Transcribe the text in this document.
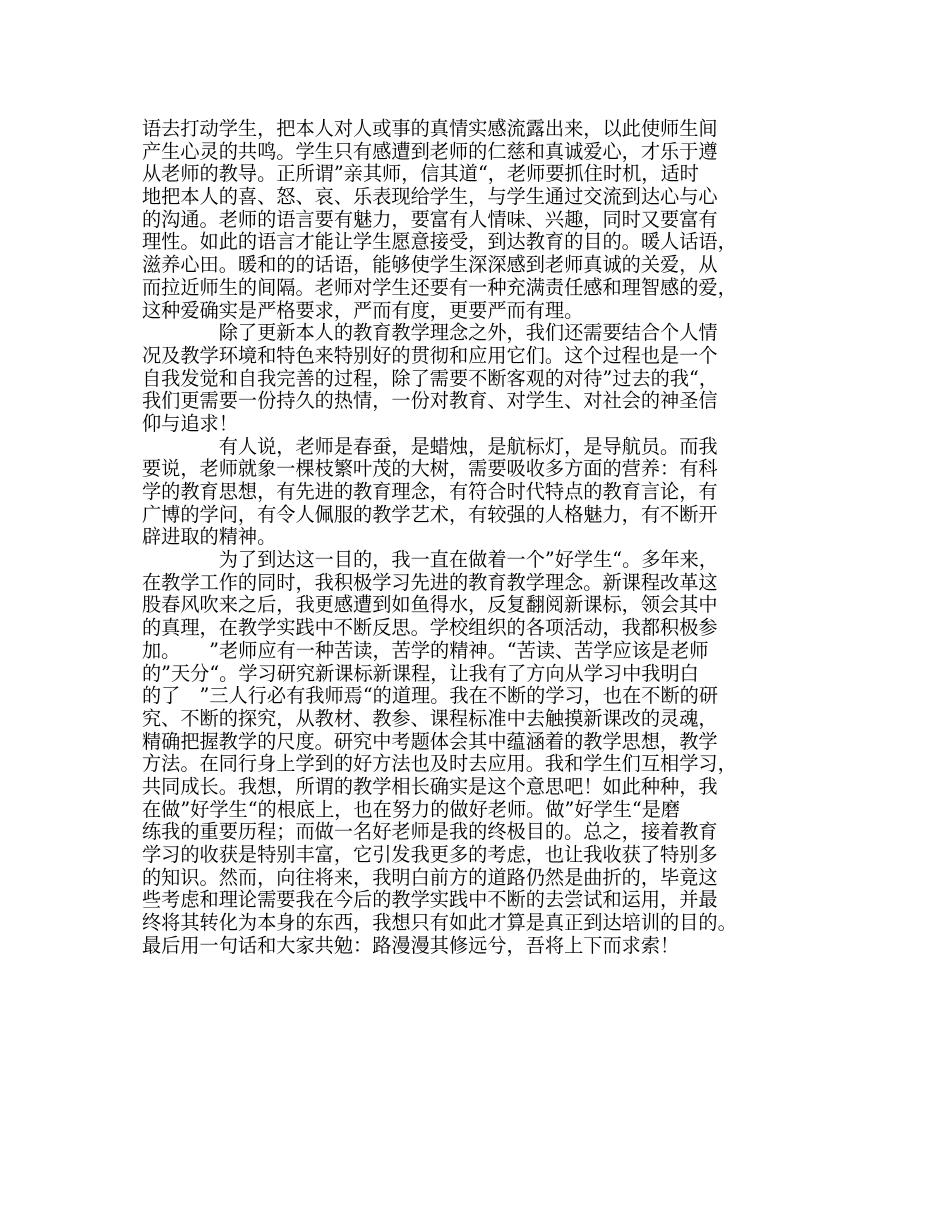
语去打动学生，把本人对人或事的真情实感流露出来，以此使师生间
产生心灵的共鸣。学生只有感遭到老师的仁慈和真诚爱心，才乐于遵
从老师的教导。正所谓”亲其师，信其道“，老师要抓住时机，适时
地把本人的喜、怒、哀、乐表现给学生，与学生通过交流到达心与心
的沟通。老师的语言要有魅力，要富有人情味、兴趣，同时又要富有
理性。如此的语言才能让学生愿意接受，到达教育的目的。暖人话语，
滋养心田。暖和的的话语，能够使学生深深感到老师真诚的关爱，从
而拉近师生的间隔。老师对学生还要有一种充满责任感和理智感的爱，
这种爱确实是严格要求，严而有度，更要严而有理。
　　　　除了更新本人的教育教学理念之外，我们还需要结合个人情
况及教学环境和特色来特别好的贯彻和应用它们。这个过程也是一个
自我发觉和自我完善的过程，除了需要不断客观的对待”过去的我“，
我们更需要一份持久的热情，一份对教育、对学生、对社会的神圣信
仰与追求！
　　　　有人说，老师是春蚕，是蜡烛，是航标灯，是导航员。而我
要说，老师就象一棵枝繁叶茂的大树，需要吸收多方面的营养：有科
学的教育思想，有先进的教育理念，有符合时代特点的教育言论，有
广博的学问，有令人佩服的教学艺术，有较强的人格魅力，有不断开
辟进取的精神。
　　　　为了到达这一目的，我一直在做着一个”好学生“。多年来，
在教学工作的同时，我积极学习先进的教育教学理念。新课程改革这
股春风吹来之后，我更感遭到如鱼得水，反复翻阅新课标，领会其中
的真理，在教学实践中不断反思。学校组织的各项活动，我都积极参
加。　　”老师应有一种苦读，苦学的精神。“苦读、苦学应该是老师
的”天分“。学习研究新课标新课程，让我有了方向从学习中我明白
的了　”三人行必有我师焉“的道理。我在不断的学习，也在不断的研
究、不断的探究，从教材、教参、课程标准中去触摸新课改的灵魂，
精确把握教学的尺度。研究中考题体会其中蕴涵着的教学思想，教学
方法。在同行身上学到的好方法也及时去应用。我和学生们互相学习，
共同成长。我想，所谓的教学相长确实是这个意思吧！如此种种，我
在做”好学生“的根底上，也在努力的做好老师。做”好学生“是磨
练我的重要历程；而做一名好老师是我的终极目的。总之，接着教育
学习的收获是特别丰富，它引发我更多的考虑，也让我收获了特别多
的知识。然而，向往将来，我明白前方的道路仍然是曲折的，毕竟这
些考虑和理论需要我在今后的教学实践中不断的去尝试和运用，并最
终将其转化为本身的东西，我想只有如此才算是真正到达培训的目的。
最后用一句话和大家共勉：路漫漫其修远兮，吾将上下而求索！
